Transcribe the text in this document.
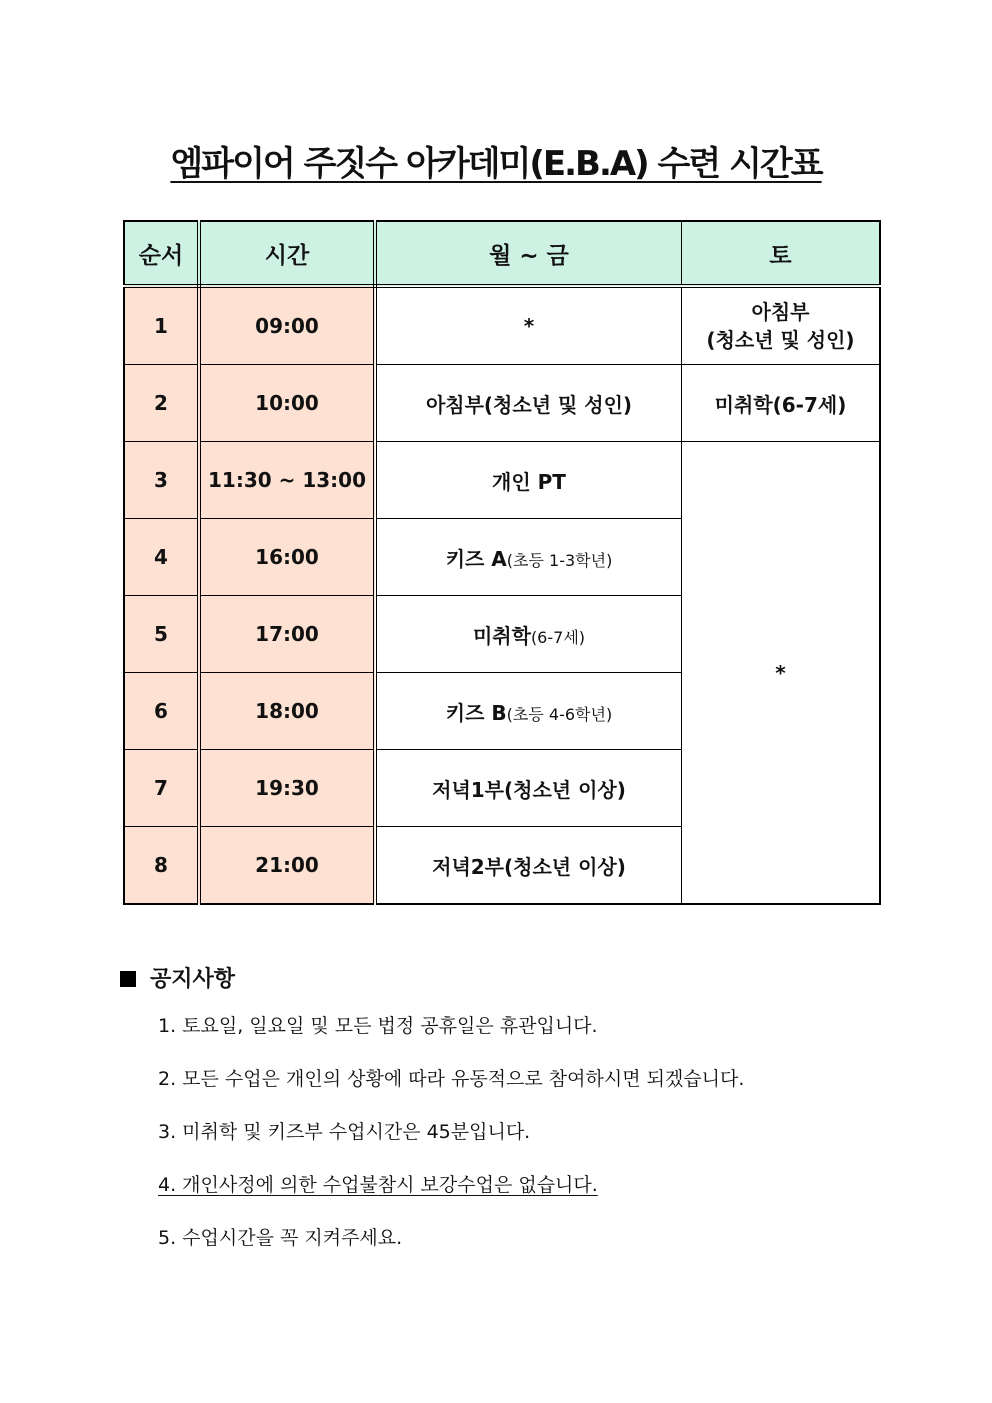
엠파이어 주짓수 아카데미(E.B.A) 수련 시간표
순서	시간	월 ~ 금	토
1	09:00	*	아침부
(청소년 및 성인)

2	10:00	아침부(청소년 및 성인)	미취학(6-7세)
3	11:30 ~ 13:00	개인 PT	*
4	16:00	키즈 A(초등 1-3학년)	
5	17:00	미취학(6-7세)	
6	18:00	키즈 B(초등 4-6학년)	
7	19:30	저녁1부(청소년 이상)	
8	21:00	저녁2부(청소년 이상)	
공지사항
1. 토요일, 일요일 및 모든 법정 공휴일은 휴관입니다.
2. 모든 수업은 개인의 상황에 따라 유동적으로 참여하시면 되겠습니다.
3. 미취학 및 키즈부 수업시간은 45분입니다.
4. 개인사정에 의한 수업불참시 보강수업은 없습니다.
5. 수업시간을 꼭 지켜주세요.
